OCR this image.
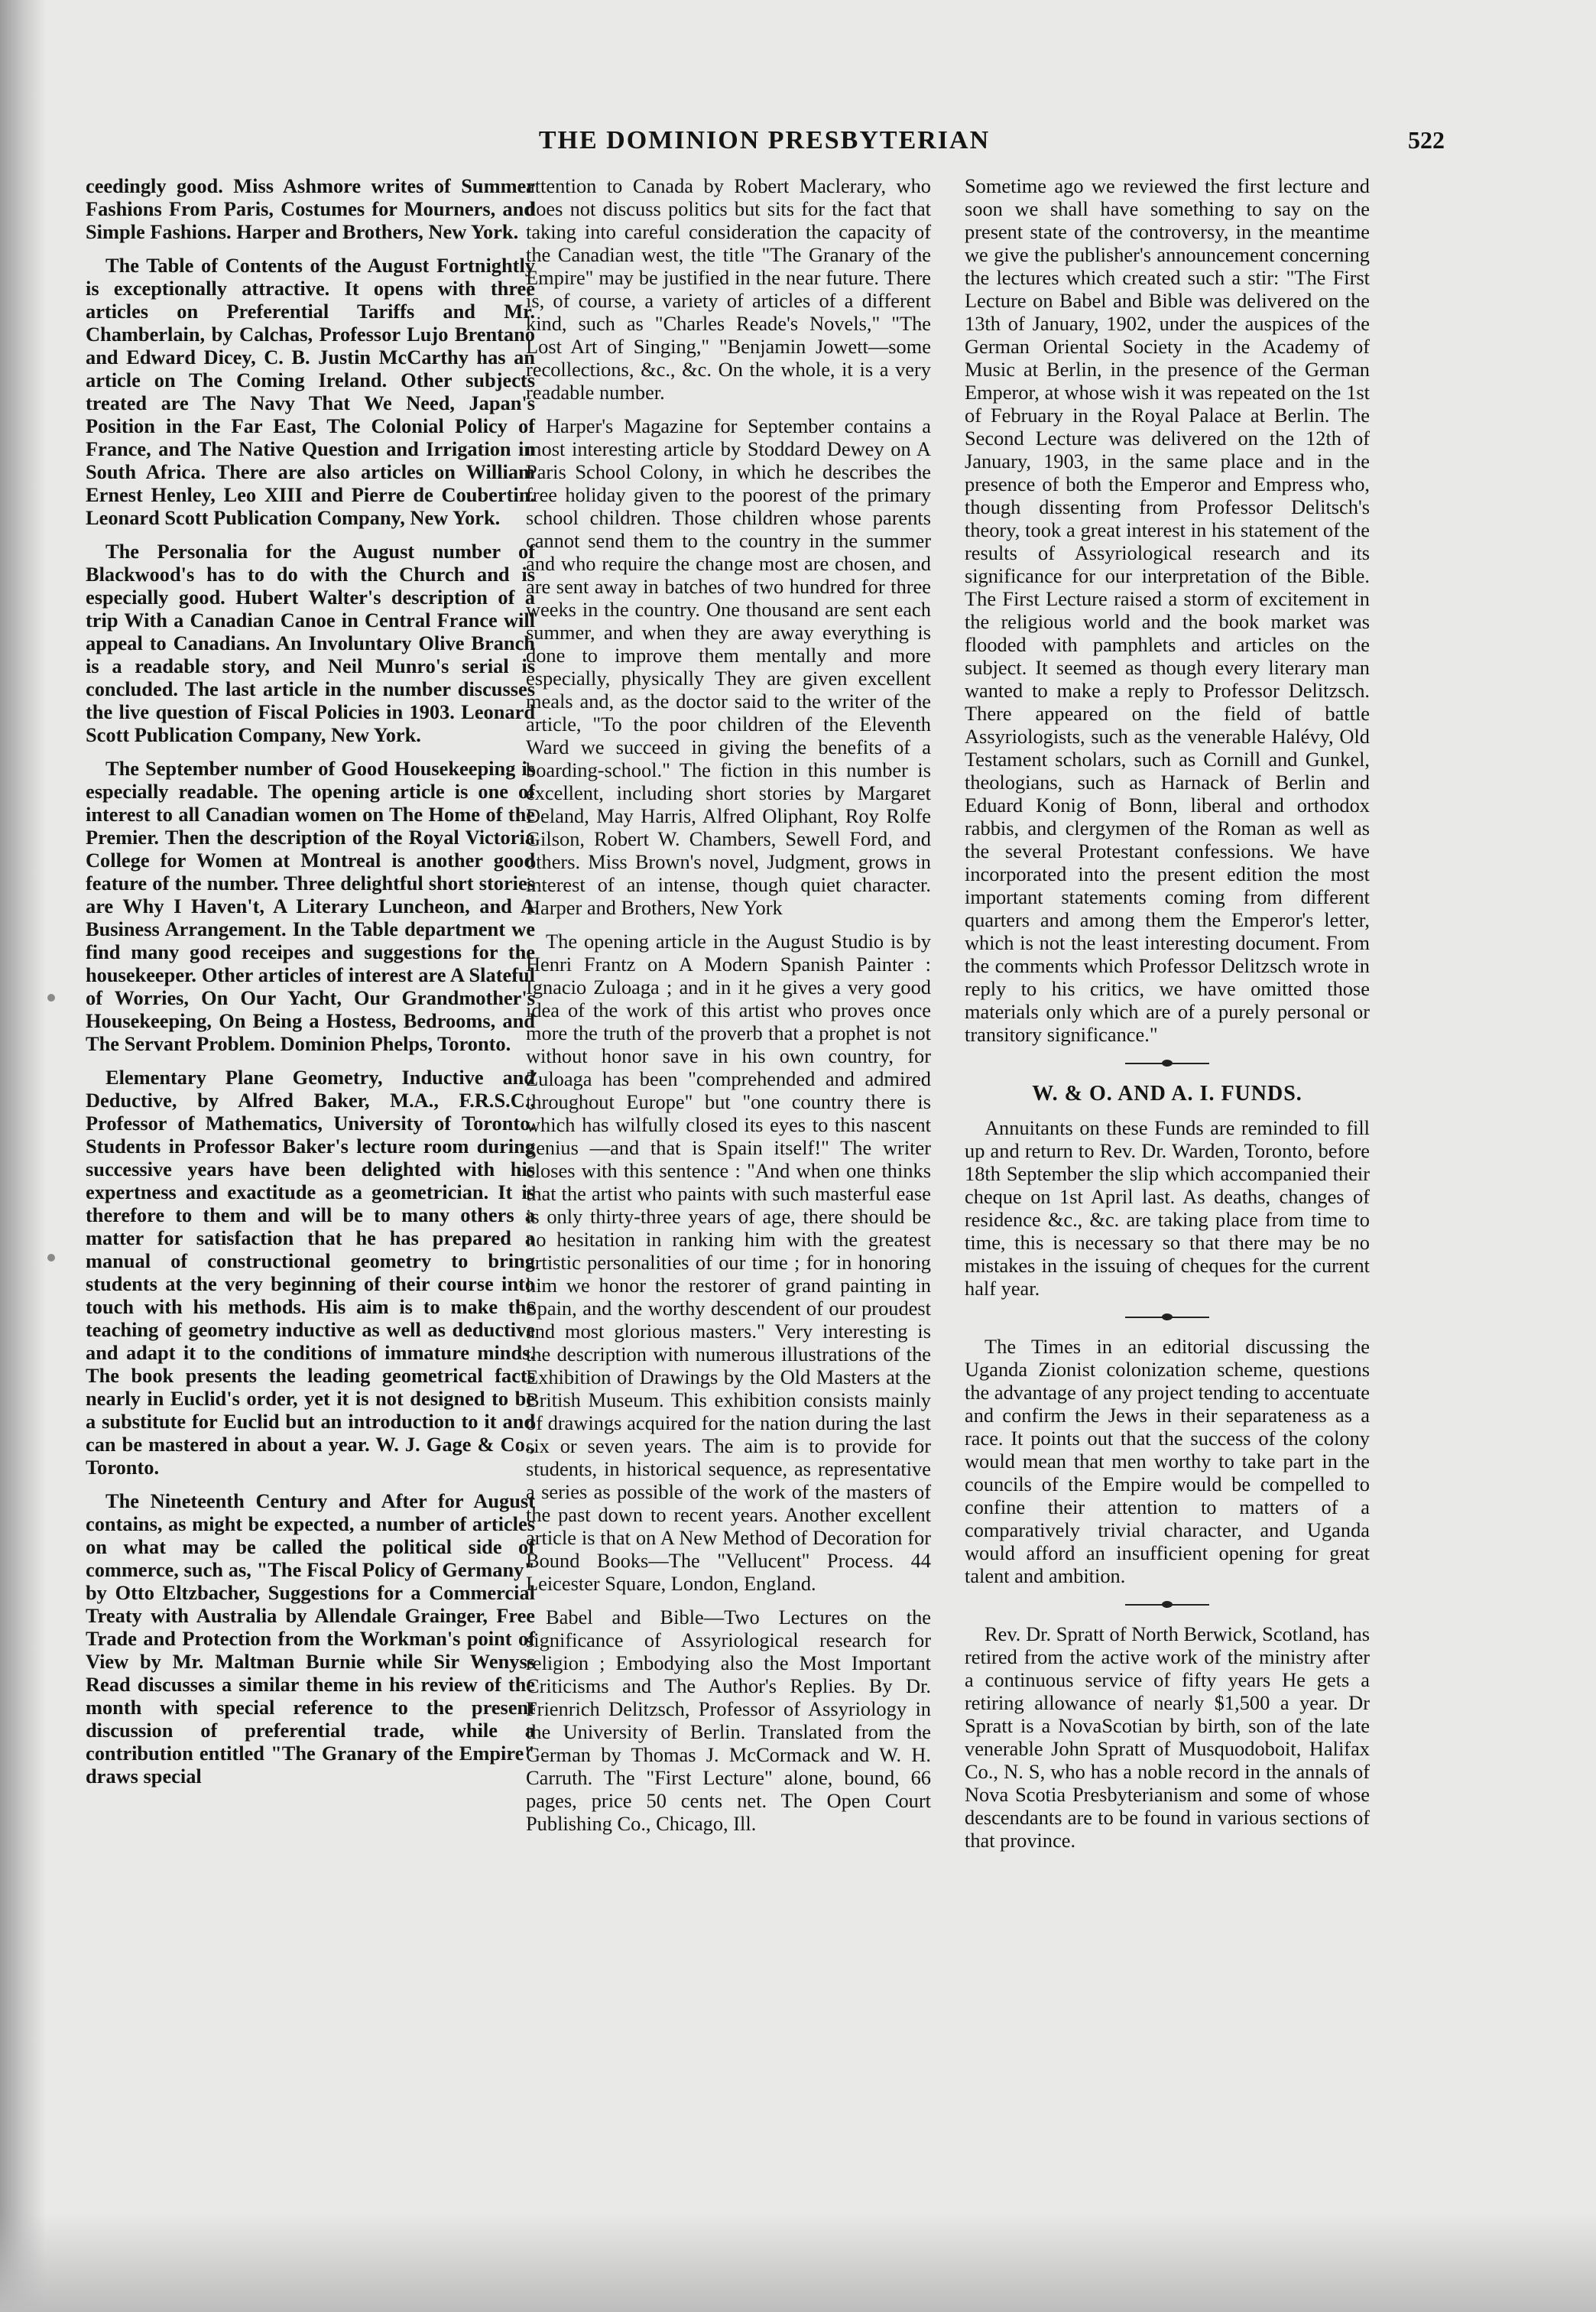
THE DOMINION PRESBYTERIAN	522

ceedingly good. Miss Ashmore writes of Summer Fashions From Paris, Costumes for Mourners, and Simple Fashions. Harper and Brothers, New York.

The Table of Contents of the August Fortnightly is exceptionally attractive. It opens with three articles on Preferential Tariffs and Mr. Chamberlain, by Calchas, Professor Lujo Brentano and Edward Dicey, C. B. Justin McCarthy has an article on The Coming Ireland. Other subjects treated are The Navy That We Need, Japan's Position in the Far East, The Colonial Policy of France, and The Native Question and Irrigation in South Africa. There are also articles on William Ernest Henley, Leo XIII and Pierre de Coubertin. Leonard Scott Publication Company, New York.

The Personalia for the August number of Blackwood's has to do with the Church and is especially good. Hubert Walter's description of a trip With a Canadian Canoe in Central France will appeal to Canadians. An Involuntary Olive Branch is a readable story, and Neil Munro's serial is concluded. The last article in the number discusses the live question of Fiscal Policies in 1903. Leonard Scott Publication Company, New York.

The September number of Good Housekeeping is especially readable. The opening article is one of interest to all Canadian women on The Home of the Premier. Then the description of the Royal Victoria College for Women at Montreal is another good feature of the number. Three delightful short stories are Why I Haven't, A Literary Luncheon, and A Business Arrangement. In the Table department we find many good receipes and suggestions for the housekeeper. Other articles of interest are A Slateful of Worries, On Our Yacht, Our Grandmother's Housekeeping, On Being a Hostess, Bedrooms, and The Servant Problem. Dominion Phelps, Toronto.

Elementary Plane Geometry, Inductive and Deductive, by Alfred Baker, M.A., F.R.S.C., Professor of Mathematics, University of Toronto. Students in Professor Baker's lecture room during successive years have been delighted with his expertness and exactitude as a geometrician. It is therefore to them and will be to many others a matter for satisfaction that he has prepared a manual of constructional geometry to bring students at the very beginning of their course into touch with his methods. His aim is to make the teaching of geometry inductive as well as deductive and adapt it to the conditions of immature minds. The book presents the leading geometrical facts nearly in Euclid's order, yet it is not designed to be a substitute for Euclid but an introduction to it and can be mastered in about a year. W. J. Gage & Co., Toronto.

The Nineteenth Century and After for August contains, as might be expected, a number of articles on what may be called the political side of commerce, such as, "The Fiscal Policy of Germany" by Otto Eltzbacher, Suggestions for a Commercial Treaty with Australia by Allendale Grainger, Free Trade and Protection from the Workman's point of View by Mr. Maltman Burnie while Sir Wenyss Read discusses a similar theme in his review of the month with special reference to the present discussion of preferential trade, while a contribution entitled "The Granary of the Empire" draws special

attention to Canada by Robert Maclerary, who does not discuss politics but sits for the fact that taking into careful consideration the capacity of the Canadian west, the title "The Granary of the Empire" may be justified in the near future. There is, of course, a variety of articles of a different kind, such as "Charles Reade's Novels," "The Lost Art of Singing," "Benjamin Jowett—some recollections, &c., &c. On the whole, it is a very readable number.

Harper's Magazine for September contains a most interesting article by Stoddard Dewey on A Paris School Colony, in which he describes the free holiday given to the poorest of the primary school children. Those children whose parents cannot send them to the country in the summer and who require the change most are chosen, and are sent away in batches of two hundred for three weeks in the country. One thousand are sent each summer, and when they are away everything is done to improve them mentally and more especially, physically They are given excellent meals and, as the doctor said to the writer of the article, "To the poor children of the Eleventh Ward we succeed in giving the benefits of a boarding-school." The fiction in this number is excellent, including short stories by Margaret Deland, May Harris, Alfred Oliphant, Roy Rolfe Gilson, Robert W. Chambers, Sewell Ford, and others. Miss Brown's novel, Judgment, grows in interest of an intense, though quiet character. Harper and Brothers, New York

The opening article in the August Studio is by Henri Frantz on A Modern Spanish Painter : Ignacio Zuloaga ; and in it he gives a very good idea of the work of this artist who proves once more the truth of the proverb that a prophet is not without honor save in his own country, for Zuloaga has been "comprehended and admired throughout Europe" but "one country there is which has wilfully closed its eyes to this nascent genius —and that is Spain itself!" The writer closes with this sentence : "And when one thinks that the artist who paints with such masterful ease is only thirty-three years of age, there should be no hesitation in ranking him with the greatest artistic personalities of our time ; for in honoring him we honor the restorer of grand painting in Spain, and the worthy descendent of our proudest and most glorious masters." Very interesting is the description with numerous illustrations of the Exhibition of Drawings by the Old Masters at the British Museum. This exhibition consists mainly of drawings acquired for the nation during the last six or seven years. The aim is to provide for students, in historical sequence, as representative a series as possible of the work of the masters of the past down to recent years. Another excellent article is that on A New Method of Decoration for Bound Books—The "Vellucent" Process. 44 Leicester Square, London, England.

Babel and Bible—Two Lectures on the significance of Assyriological research for religion ; Embodying also the Most Important Criticisms and The Author's Replies. By Dr. Frienrich Delitzsch, Professor of Assyriology in the University of Berlin. Translated from the German by Thomas J. McCormack and W. H. Carruth. The "First Lecture" alone, bound, 66 pages, price 50 cents net. The Open Court Publishing Co., Chicago, Ill.

Sometime ago we reviewed the first lecture and soon we shall have something to say on the present state of the controversy, in the meantime we give the publisher's announcement concerning the lectures which created such a stir: "The First Lecture on Babel and Bible was delivered on the 13th of January, 1902, under the auspices of the German Oriental Society in the Academy of Music at Berlin, in the presence of the German Emperor, at whose wish it was repeated on the 1st of February in the Royal Palace at Berlin. The Second Lecture was delivered on the 12th of January, 1903, in the same place and in the presence of both the Emperor and Empress who, though dissenting from Professor Delitsch's theory, took a great interest in his statement of the results of Assyriological research and its significance for our interpretation of the Bible. The First Lecture raised a storm of excitement in the religious world and the book market was flooded with pamphlets and articles on the subject. It seemed as though every literary man wanted to make a reply to Professor Delitzsch. There appeared on the field of battle Assyriologists, such as the venerable Halévy, Old Testament scholars, such as Cornill and Gunkel, theologians, such as Harnack of Berlin and Eduard Konig of Bonn, liberal and orthodox rabbis, and clergymen of the Roman as well as the several Protestant confessions. We have incorporated into the present edition the most important statements coming from different quarters and among them the Emperor's letter, which is not the least interesting document. From the comments which Professor Delitzsch wrote in reply to his critics, we have omitted those materials only which are of a purely personal or transitory significance."

W. & O. AND A. I. FUNDS.

Annuitants on these Funds are reminded to fill up and return to Rev. Dr. Warden, Toronto, before 18th September the slip which accompanied their cheque on 1st April last. As deaths, changes of residence &c., &c. are taking place from time to time, this is necessary so that there may be no mistakes in the issuing of cheques for the current half year.

The Times in an editorial discussing the Uganda Zionist colonization scheme, questions the advantage of any project tending to accentuate and confirm the Jews in their separateness as a race. It points out that the success of the colony would mean that men worthy to take part in the councils of the Empire would be compelled to confine their attention to matters of a comparatively trivial character, and Uganda would afford an insufficient opening for great talent and ambition.

Rev. Dr. Spratt of North Berwick, Scotland, has retired from the active work of the ministry after a continuous service of fifty years He gets a retiring allowance of nearly $1,500 a year. Dr Spratt is a NovaScotian by birth, son of the late venerable John Spratt of Musquodoboit, Halifax Co., N. S, who has a noble record in the annals of Nova Scotia Presbyterianism and some of whose descendants are to be found in various sections of that province.
